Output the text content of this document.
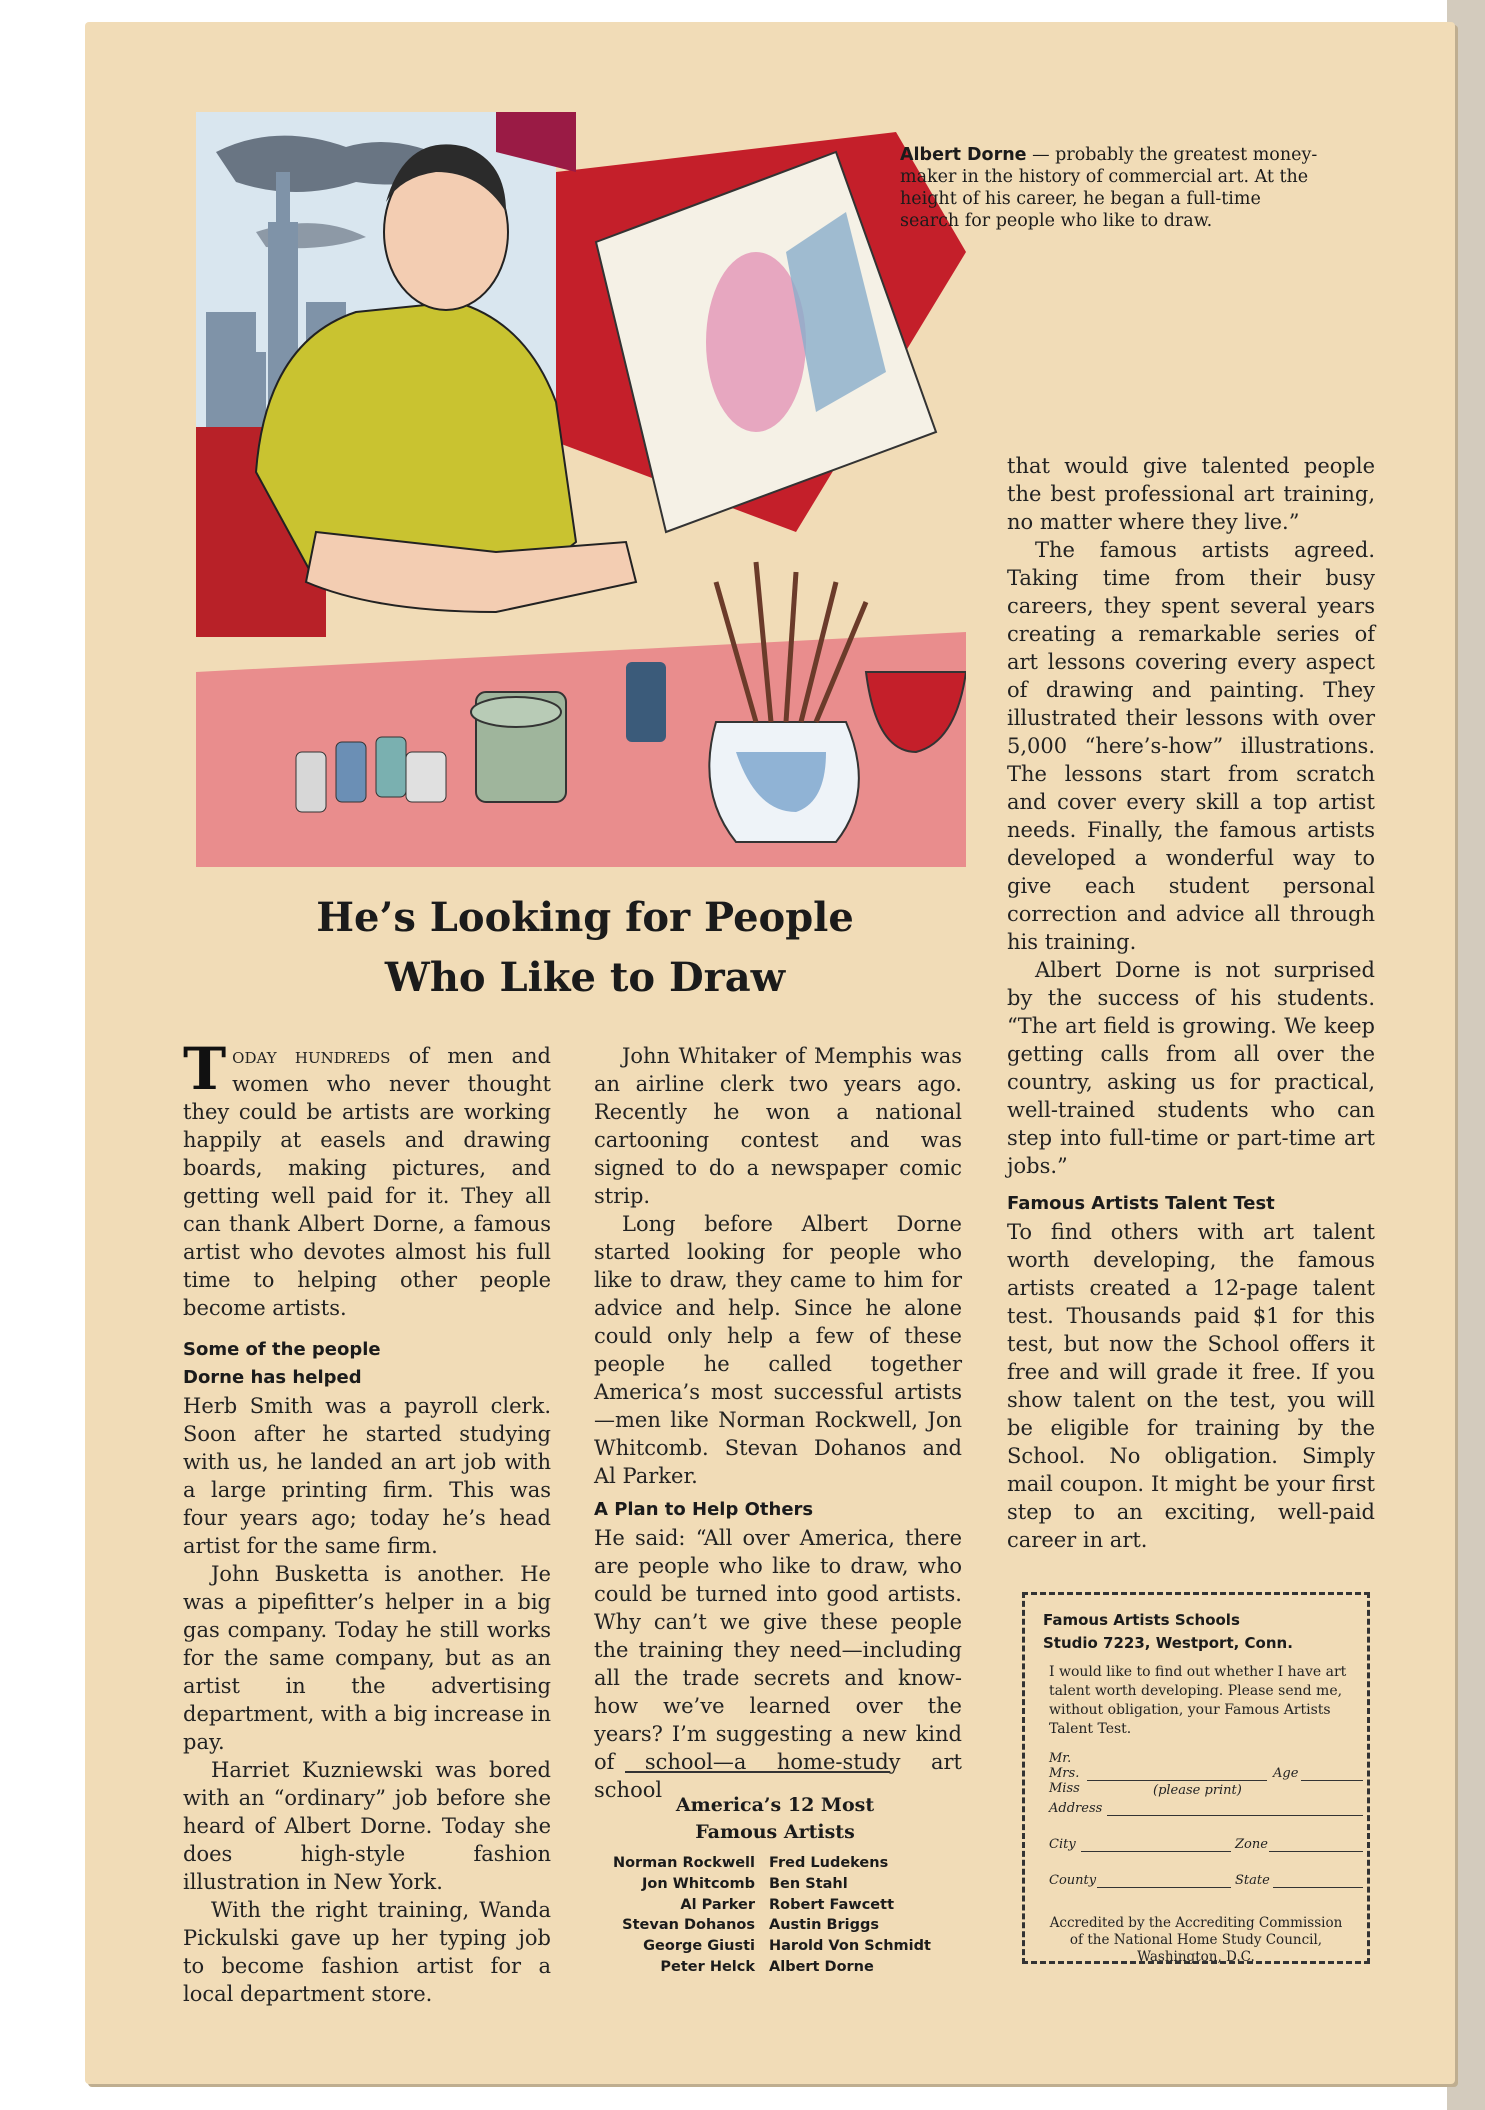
Albert Dorne — probably the greatest money-maker in the history of commercial art. At the height of his career, he began a full-time search for people who like to draw.
He’s Looking for People
Who Like to Draw

Today hundreds of men and women who never thought they could be artists are working happily at easels and drawing boards, making pictures, and getting well paid for it. They all can thank Albert Dorne, a famous artist who devotes almost his full time to helping other people become artists.

Some of the people
Dorne has helped

Herb Smith was a payroll clerk. Soon after he started studying with us, he landed an art job with a large printing firm. This was four years ago; today he’s head artist for the same firm.

John Busketta is another. He was a pipefitter’s helper in a big gas company. Today he still works for the same company, but as an artist in the advertising department, with a big increase in pay.

Harriet Kuzniewski was bored with an “ordinary” job before she heard of Albert Dorne. Today she does high-style fashion illustration in New York.

With the right training, Wanda Pickulski gave up her typing job to become fashion artist for a local department store.

John Whitaker of Memphis was an airline clerk two years ago. Recently he won a national cartooning contest and was signed to do a newspaper comic strip.

Long before Albert Dorne started looking for people who like to draw, they came to him for advice and help. Since he alone could only help a few of these people he called together America’s most successful artists —men like Norman Rockwell, Jon Whitcomb. Stevan Dohanos and Al Parker.

A Plan to Help Others

He said: “All over America, there are people who like to draw, who could be turned into good artists. Why can’t we give these people the training they need—including all the trade secrets and know-how we’ve learned over the years? I’m suggesting a new kind of school—a home-study art school

that would give talented people the best professional art training, no matter where they live.”

The famous artists agreed. Taking time from their busy careers, they spent several years creating a remarkable series of art lessons covering every aspect of drawing and painting. They illustrated their lessons with over 5,000 “here’s-how” illustrations. The lessons start from scratch and cover every skill a top artist needs. Finally, the famous artists developed a wonderful way to give each student personal correction and advice all through his training.

Albert Dorne is not surprised by the success of his students. “The art field is growing. We keep getting calls from all over the country, asking us for practical, well-trained students who can step into full-time or part-time art jobs.”

Famous Artists Talent Test

To find others with art talent worth developing, the famous artists created a 12-page talent test. Thousands paid $1 for this test, but now the School offers it free and will grade it free. If you show talent on the test, you will be eligible for training by the School. No obligation. Simply mail coupon. It might be your first step to an exciting, well-paid career in art.

America’s 12 Most
Famous Artists
Norman Rockwell Fred Ludekens
Jon Whitcomb Ben Stahl
Al Parker Robert Fawcett
Stevan Dohanos Austin Briggs
George Giusti Harold Von Schmidt
Peter Helck Albert Dorne
Famous Artists Schools
Studio 7223, Westport, Conn.
I would like to find out whether I have art talent worth developing. Please send me, without obligation, your Famous Artists Talent Test.
Mr.
Mrs.
Miss
Age
(please print)
Address
City	Zone
County	State
Accredited by the Accrediting Commission of the National Home Study Council, Washington, D.C.
